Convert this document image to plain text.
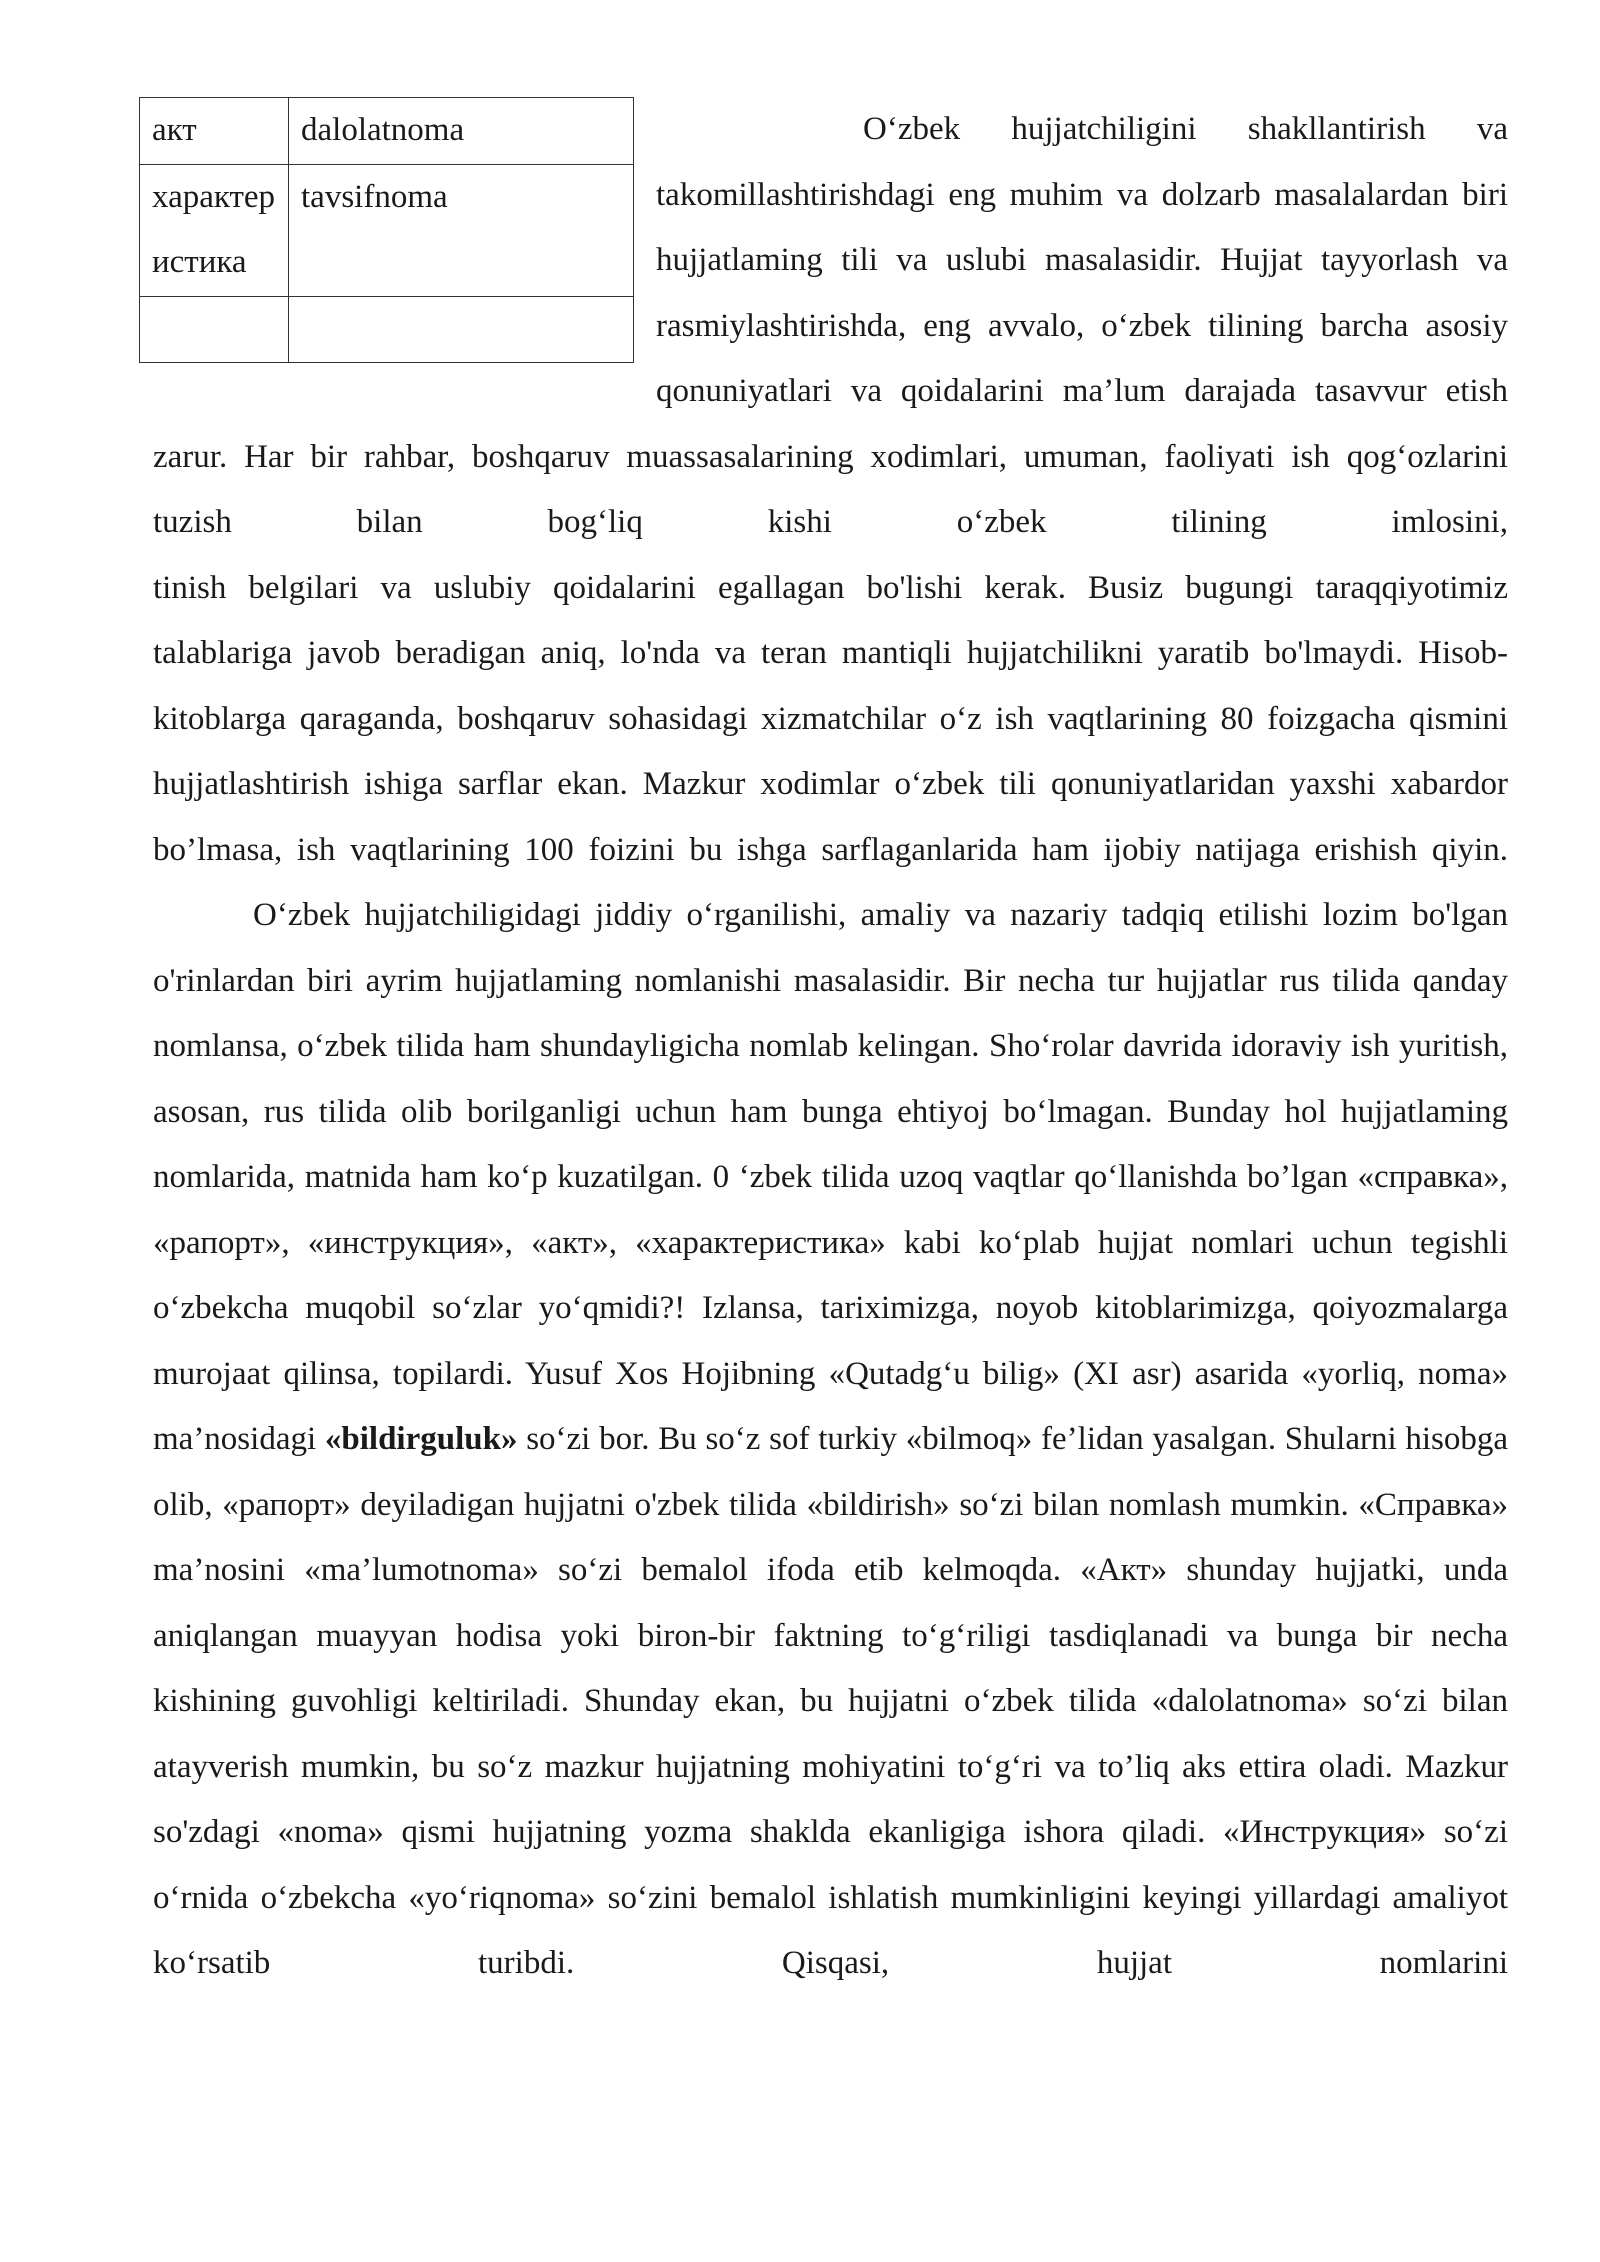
акт	dalolatnoma
характеристика	tavsifnoma

O‘zbek hujjatchiligini shakllantirish va takomillashtirishdagi eng muhim va dolzarb masalalardan biri hujjatlaming tili va uslubi masalasidir. Hujjat tayyorlash va rasmiylashtirishda, eng avvalo, o‘zbek tilining barcha asosiy qonuniyatlari va qoidalarini ma’lum darajada tasavvur etish zarur. Har bir rahbar, boshqaruv muassasalarining xodimlari, umuman, faoliyati ish qog‘ozlarini tuzish bilan bog‘liq kishi o‘zbek tilining imlosini,

tinish belgilari va uslubiy qoidalarini egallagan bo'lishi kerak. Busiz bugungi taraqqiyotimiz talablariga javob beradigan aniq, lo'nda va teran mantiqli hujjatchilikni yaratib bo'lmaydi. Hisob-kitoblarga qaraganda, boshqaruv sohasidagi xizmatchilar o‘z ish vaqtlarining 80 foizgacha qismini hujjatlashtirish ishiga sarflar ekan. Mazkur xodimlar o‘zbek tili qonuniyatlaridan yaxshi xabardor bo’lmasa, ish vaqtlarining 100 foizini bu ishga sarflaganlarida ham ijobiy natijaga erishish qiyin.

O‘zbek hujjatchiligidagi jiddiy o‘rganilishi, amaliy va nazariy tadqiq etilishi lozim bo'lgan o'rinlardan biri ayrim hujjatlaming nomlanishi masalasidir. Bir necha tur hujjatlar rus tilida qanday nomlansa, o‘zbek tilida ham shundayligicha nomlab kelingan. Sho‘rolar davrida idoraviy ish yuritish, asosan, rus tilida olib borilganligi uchun ham bunga ehtiyoj bo‘lmagan. Bunday hol hujjatlaming nomlarida, matnida ham ko‘p kuzatilgan. 0 ‘zbek tilida uzoq vaqtlar qo‘llanishda bo’lgan «справка», «рапорт», «инструкция», «акт», «характеристика» kabi ko‘plab hujjat nomlari uchun tegishli o‘zbekcha muqobil so‘zlar yo‘qmidi?! Izlansa, tariximizga, noyob kitoblarimizga, qoiyozmalarga murojaat qilinsa, topilardi. Yusuf Xos Hojibning «Qutadg‘u bilig» (XI asr) asarida «yorliq, noma» ma’nosidagi «bildirguluk» so‘zi bor. Bu so‘z sof turkiy «bilmoq» fe’lidan yasalgan. Shularni hisobga olib, «рапорт» deyiladigan hujjatni o'zbek tilida «bildirish» so‘zi bilan nomlash mumkin. «Справка» ma’nosini «ma’lumotnoma» so‘zi bemalol ifoda etib kelmoqda. «Акт» shunday hujjatki, unda aniqlangan muayyan hodisa yoki biron-bir faktning to‘g‘riligi tasdiqlanadi va bunga bir necha kishining guvohligi keltiriladi. Shunday ekan, bu hujjatni o‘zbek tilida «dalolatnoma» so‘zi bilan atayverish mumkin, bu so‘z mazkur hujjatning mohiyatini to‘g‘ri va to’liq aks ettira oladi. Mazkur so'zdagi «noma» qismi hujjatning yozma shaklda ekanligiga ishora qiladi. «Инструкция» so‘zi o‘rnida o‘zbekcha «yo‘riqnoma» so‘zini bemalol ishlatish mumkinligini keyingi yillardagi amaliyot ko‘rsatib turibdi. Qisqasi, hujjat nomlarini
